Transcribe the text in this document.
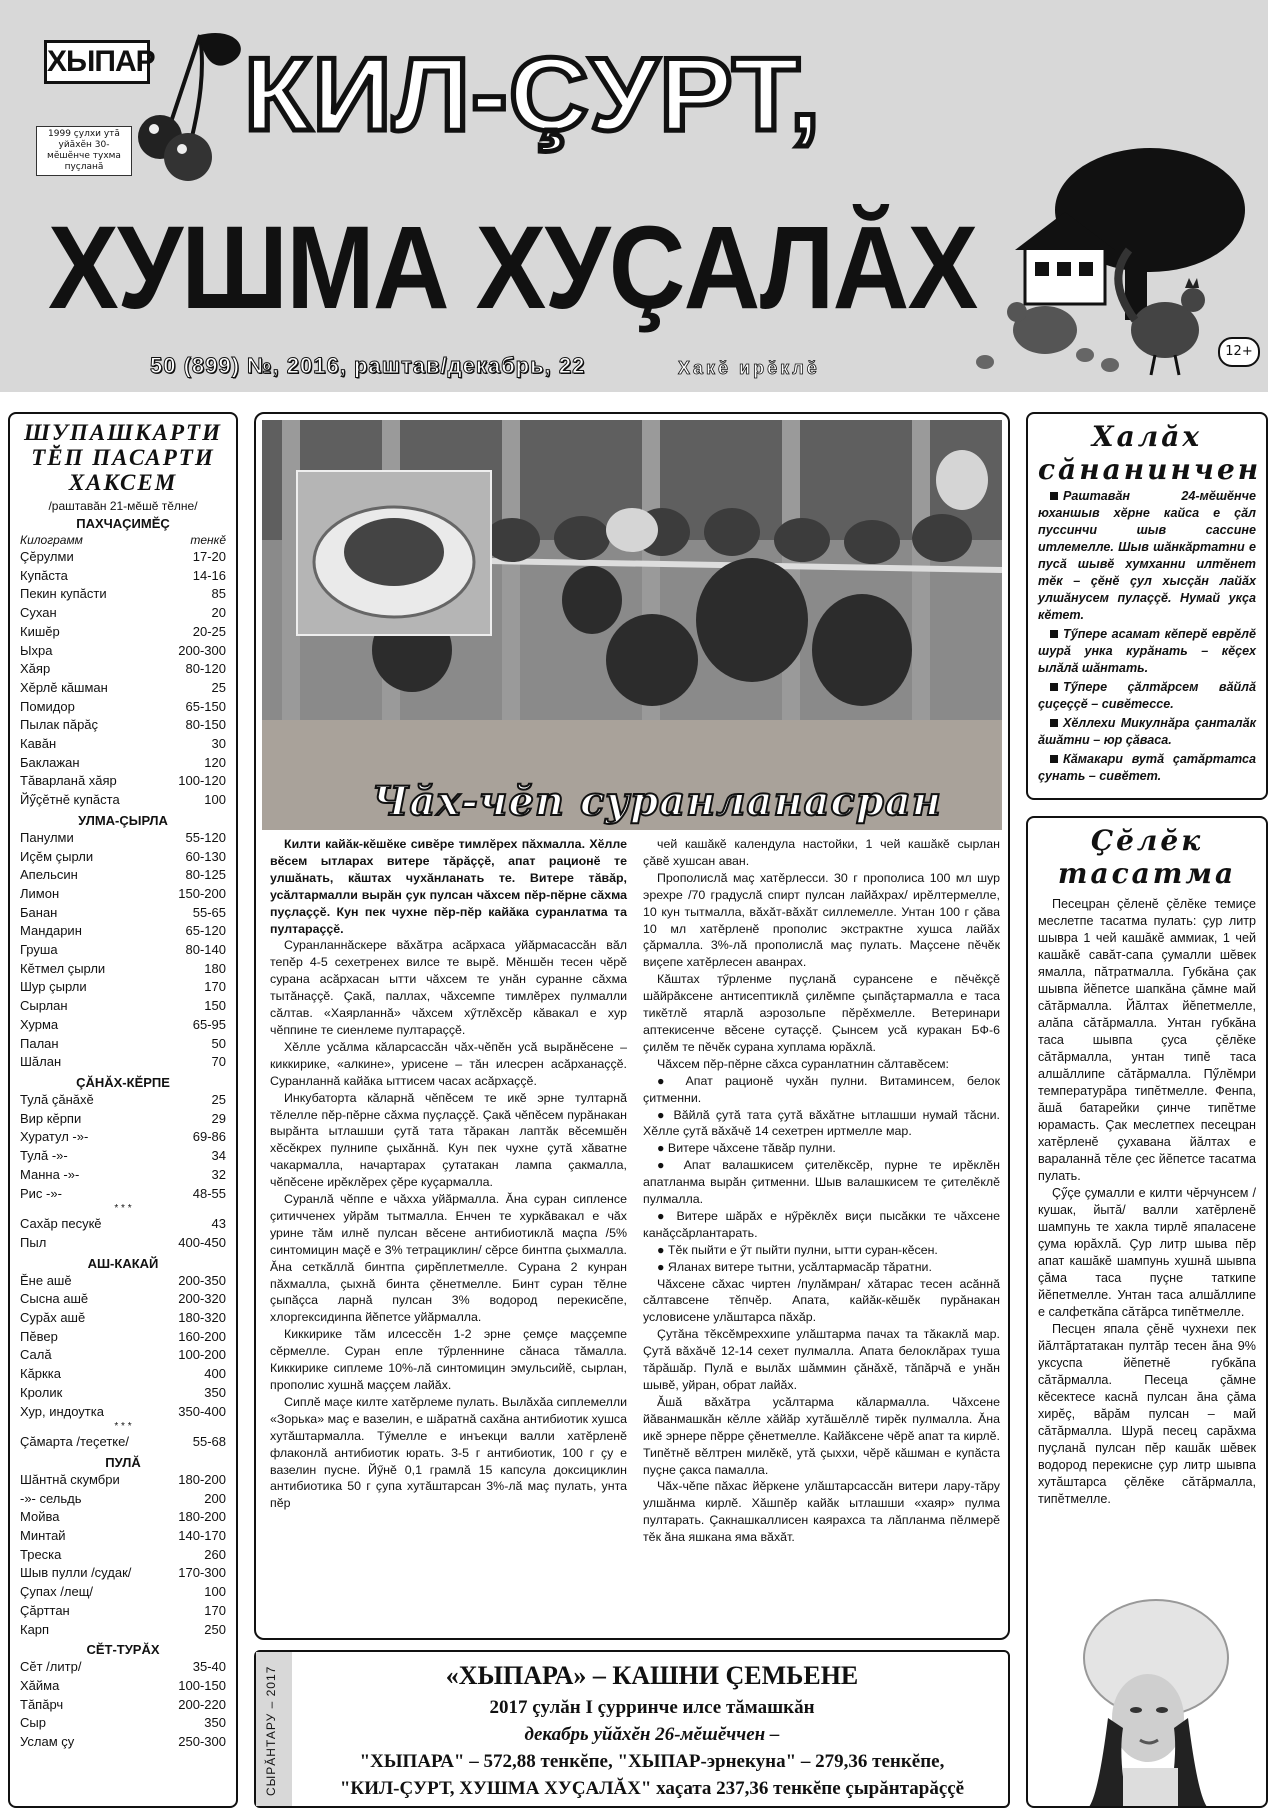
ХЫПАР
1999 çулхи утă уйăхĕн 30-мĕшĕнче тухма пуçланă
КИЛ-ÇУРТ,
ХУШМА ХУÇАЛĂХ
12+
50 (899) №, 2016, раштав/декабрь, 22	Хакĕ ирĕклĕ
ШУПАШКАРТИ ТĔП ПАСАРТИ ХАКСЕМ
/раштавăн 21-мĕшĕ тĕлне/
ПАХЧАÇИМĔÇ
Килограмм	тенкĕ
Çĕрулми	17-20
Купăста	14-16
Пекин купăсти	85
Сухан	20
Кишĕр	20-25
Ыхра	200-300
Хăяр	80-120
Хĕрлĕ кăшман	25
Помидор	65-150
Пылак пăрăç	80-150
Кавăн	30
Баклажан	120
Тăварланă хăяр	100-120
Йӳçĕтнĕ купăста	100
УЛМА-ÇЫРЛА
Панулми	55-120
Иçĕм çырли	60-130
Апельсин	80-125
Лимон	150-200
Банан	55-65
Мандарин	65-120
Груша	80-140
Кĕтмел çырли	180
Шур çырли	170
Сырлан	150
Хурма	65-95
Палан	50
Шăлан	70
ÇĂНĂХ-КĔРПЕ
Тулă çăнăхĕ	25
Вир кĕрпи	29
Хуратул -»-	69-86
Тулă -»-	34
Манна -»-	32
Рис -»-	48-55
* * *
Сахăр песукĕ	43
Пыл	400-450
АШ-КАКАЙ
Ĕне ашĕ	200-350
Сысна ашĕ	200-320
Сурăх ашĕ	180-320
Пĕвер	160-200
Салă	100-200
Кăркка	400
Кролик	350
Хур, индоутка	350-400
* * *
Çăмарта /теçетке/	55-68
ПУЛĂ
Шăнтнă скумбри	180-200
-»- сельдь	200
Мойва	180-200
Минтай	140-170
Треска	260
Шыв пулли /судак/	170-300
Çупах /лещ/	100
Çăрттан	170
Карп	250
СĔТ-ТУРĂХ
Сĕт /литр/	35-40
Хăйма	100-150
Тăпăрч	200-220
Сыр	350
Услам çу	250-300
Чăх-чĕп суранланасран

Килти кайăк-кĕшĕке сивĕре тимлĕрех пăхмалла. Хĕлле вĕсем ытларах витере тăрăççĕ, апат рационĕ те улшăнать, кăштах чухăнланать те. Витере тăвăр, усăлтармалли вырăн çук пулсан чăхсем пĕр-пĕрне сăхма пуçлаççĕ. Кун пек чухне пĕр-пĕр кайăка суранлатма та пултараççĕ.

Суранланнăскере вăхăтра асăрхаса уйăрмасассăн вăл тепĕр 4-5 сехетренех вилсе те вырĕ. Мĕншĕн тесен чĕрĕ сурана асăрхасан ытти чăхсем те унăн суранне сăхма тытăнаççĕ. Çакă, паллах, чăхсемпе тимлĕрех пулмалли сăлтав. «Хаярланнă» чăхсем хӳтлĕхсĕр кăвакал е хур чĕппине те сиенлеме пултараççĕ.

Хĕлле усăлма кăларсассăн чăх-чĕпĕн усă вырăнĕсене – киккирике, «алкине», урисене – тăн илесрен асăрханаççĕ. Суранланнă кайăка ыттисем часах асăрхаççĕ.

Инкубаторта кăларнă чĕпĕсем те икĕ эрне тултарнă тĕлелле пĕр-пĕрне сăхма пуçлаççĕ. Çакă чĕпĕсем пурăнакан вырăнта ытлашши çутă тата тăракан лаптăк вĕсемшĕн хĕсĕкрех пулнипе çыхăннă. Кун пек чухне çутă хăватне чакармалла, начартарах çутатакан лампа çакмалла, чĕпĕсене ирĕклĕрех çĕре куçармалла.

Суранлă чĕппе е чăхха уйăрмалла. Ăна суран сипленсе çитичченех уйрăм тытмалла. Енчен те хуркăвакал е чăх урине тăм илнĕ пулсан вĕсене антибиотиклă маçпа /5% синтомицин маçĕ е 3% тетрациклин/ сĕрсе бинтпа çыхмалла. Ăна сеткăллă бинтпа çирĕплетмелле. Сурана 2 кунран пăхмалла, çыхнă бинта çĕнетмелле. Бинт суран тĕлне çыпăçса ларнă пулсан 3% водород перекисĕпе, хлоргексидинпа йĕпетсе уйăрмалла.

Киккирике тăм илсессĕн 1-2 эрне çемçе маççемпе сĕрмелле. Суран епле тӳрленнине сăнаса тăмалла. Киккирике сиплеме 10%-лă синтомицин эмульсийĕ, сырлан, прополис хушнă маççем лайăх.

Сиплĕ маçе килте хатĕрлеме пулать. Вылăхăа сиплемелли «Зорька» маç е вазелин, е шăратнă сахăна антибиотик хушса хутăштармалла. Тӳмелле е инъекци валли хатĕрленĕ флаконлă антибиотик юрать. 3-5 г антибиотик, 100 г çу е вазелин пусне. Йӳнĕ 0,1 грамлă 15 капсула доксициклин антибиотика 50 г çупа хутăштарсан 3%-лă маç пулать, унта пĕр

чей кашăкĕ календула настойки, 1 чей кашăкĕ сырлан çăвĕ хушсан аван.

Прополислă маç хатĕрлесси. 30 г прополиса 100 мл шур эрехре /70 градуслă спирт пулсан лайăхрах/ ирĕлтермелле, 10 кун тытмалла, вăхăт-вăхăт силлемелле. Унтан 100 г çăва 10 мл хатĕрленĕ прополис экстрактне хушса лайăх çăрмалла. 3%-лă прополислă маç пулать. Маçсене пĕчĕк виçепе хатĕрлесен аванрах.

Кăштах тӳрленме пуçланă сурансене е пĕчĕкçĕ шăйрăксене антисептиклă çилĕмпе çыпăçтармалла е таса тикĕтлĕ ятарлă аэрозольпе пĕрĕхмелле. Ветеринари аптекисенче вĕсене сутаççĕ. Çынсем усă куракан БФ-6 çилĕм те пĕчĕк сурана хуплама юрăхлă.

Чăхсем пĕр-пĕрне сăхса суранлатнин сăлтавĕсем:

● Апат рационĕ чухăн пулни. Витаминсем, белок çитменни.

● Вăйлă çутă тата çутă вăхăтне ытлашши нумай тăсни. Хĕлле çутă вăхăчĕ 14 сехетрен иртмелле мар.

● Витере чăхсене тăвăр пулни.

● Апат валашкисем çителĕксĕр, пурне те ирĕклĕн апатланма вырăн çитменни. Шыв валашкисем те çителĕклĕ пулмалла.

● Витере шăрăх е нӳрĕклĕх виçи пысăкки те чăхсене канăçсăрлантарать.

● Тĕк пыйти е ӳт пыйти пулни, ытти суран-кĕсен.

● Яланах витере тытни, усăлтармасăр тăратни.

Чăхсене сăхас чиртен /пулăмран/ хăтарас тесен асăннă сăлтавсене тĕпчĕр. Апата, кайăк-кĕшĕк пурăнакан условисене улăштарса пăхăр.

Çутăна тĕксĕмреххипе улăштарма пачах та тăкаклă мар. Çутă вăхăчĕ 12-14 сехет пулмалла. Апата белоклăрах туша тăрăшăр. Пулă е вылăх шăммин çăнăхĕ, тăпăрчă е унăн шывĕ, уйран, обрат лайăх.

Ăшă вăхăтра усăлтарма кăлармалла. Чăхсене йăванмашкăн кĕлле хăйăр хутăшĕллĕ тирĕк пулмалла. Ăна икĕ эрнере пĕрре çĕнетмелле. Кайăксене чĕрĕ апат та кирлĕ. Типĕтнĕ вĕлтрен милĕкĕ, утă çыххи, чĕрĕ кăшман е купăста пуçне çакса памалла.

Чăх-чĕпе пăхас йĕркене улăштарсассăн витери лару-тăру улшăнма кирлĕ. Хăшпĕр кайăк ытлашши «хаяр» пулма пултарать. Çакнашкаллисен каярахса та лăпланма пĕлмерĕ тĕк ăна яшкана яма вăхăт.

СЫРĂНТАРУ – 2017	«ХЫПАРА» – КАШНИ ÇЕМЬЕНЕ
2017 çулăн I çурринче илсе тăмашкăн
декабрь уйăхĕн 26-мĕшĕччен –
"ХЫПАРА" – 572,88 тенкĕпе, "ХЫПАР-эрнекуна" – 279,36 тенкĕпе,
"КИЛ-ÇУРТ, ХУШМА ХУÇАЛĂХ" хаçата 237,36 тенкĕпе çырăнтарăççĕ
Халăх сăнанинчен

Раштавăн 24-мĕшĕнче юханшыв хĕрне кайса е çăл пуссинчи шыв сассине итлемелле. Шыв шăнкăртатни е пусă шывĕ хумханни илтĕнет тĕк – çĕнĕ çул хысçăн лайăх улшăнусем пулаççĕ. Нумай укçа кĕтет.

Тӳпере асамат кĕперĕ еврĕлĕ шурă унка курăнать – кĕçех ылăлă шăнтать.

Тӳпере çăлтăрсем вăйлă çиçеççĕ – сивĕтессе.

Хĕллехи Микулнăра çанталăк ăшăтни – юр çăваса.

Кăмакари вутă çатăртатса çунать – сивĕтет.

Çĕлĕк тасатма

Песецран çĕленĕ çĕлĕке темиçе меслетпе тасатма пулать: çур литр шывра 1 чей кашăкĕ аммиак, 1 чей кашăкĕ савăт-сапа çумалли шĕвек ямалла, пăтратмалла. Губкăна çак шывпа йĕпетсе шапкăна çăмне май сăтăрмалла. Йăлтах йĕпетмелле, алăпа сăтăрмалла. Унтан губкăна таса шывпа çуса çĕлĕке сăтăрмалла, унтан типĕ таса алшăллипе сăтăрмалла. Пӳлĕмри температурăра типĕтмелле. Фенпа, ăшă батарейки çинче типĕтме юрамасть. Çак меслетпех песецран хатĕрленĕ çухавана йăлтах е вараланнă тĕле çес йĕпетсе тасатма пулать.

Çӳçе çумалли е килти чĕрчунсем /кушак, йытă/ валли хатĕрленĕ шампунь те хакла тирлĕ япаласене çума юрăхлă. Çур литр шыва пĕр апат кашăкĕ шампунь хушнă шывпа çăма таса пуçне таткипе йĕпетмелле. Унтан таса алшăллипе е салфеткăпа сăтăрса типĕтмелле.

Песцен япала çĕнĕ чухнехи пек йăлтăртатакан пултăр тесен ăна 9% уксуспа йĕпетнĕ губкăпа сăтăрмалла. Песеца çăмне кĕсектесе каснă пулсан ăна çăма хирĕç, вăрăм пулсан – май сăтăрмалла. Шурă песец сарăхма пуçланă пулсан пĕр кашăк шĕвек водород перекисне çур литр шывпа хутăштарса çĕлĕке сăтăрмалла, типĕтмелле.
